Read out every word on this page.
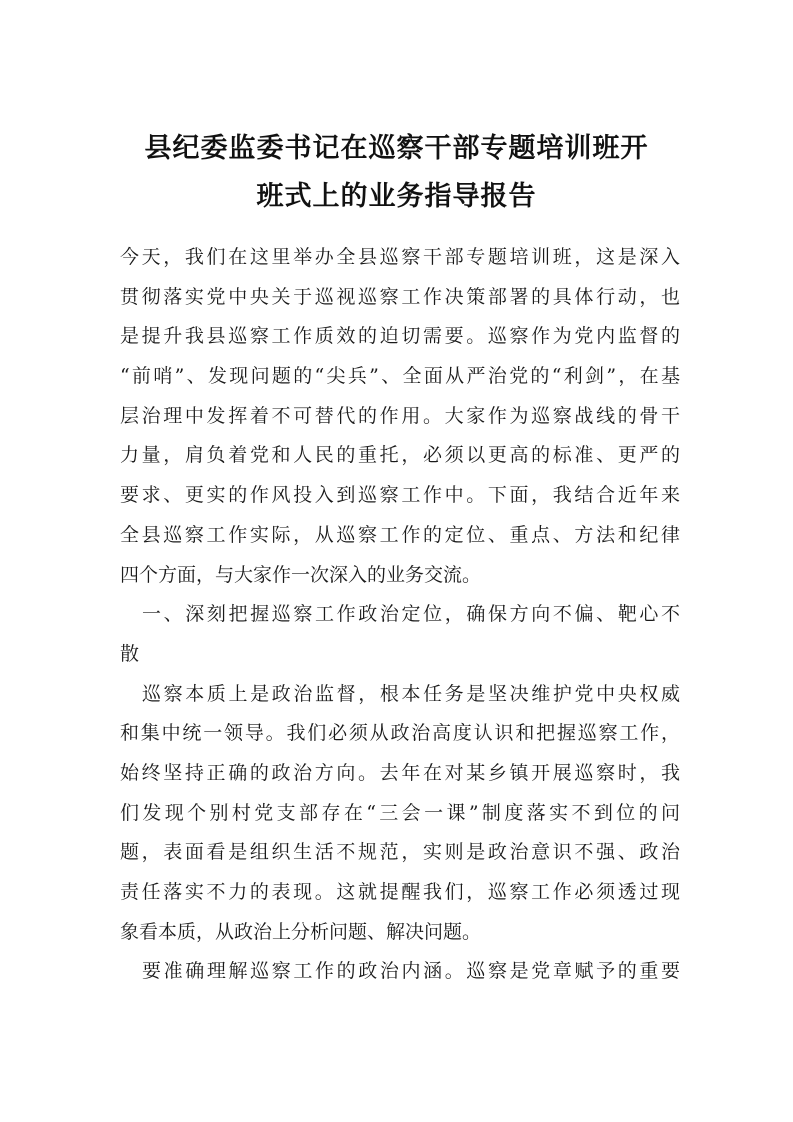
县纪委监委书记在巡察干部专题培训班开
班式上的业务指导报告
今天，我们在这里举办全县巡察干部专题培训班，这是深入
贯彻落实党中央关于巡视巡察工作决策部署的具体行动，也
是提升我县巡察工作质效的迫切需要。巡察作为党内监督的
“前哨”、发现问题的“尖兵”、全面从严治党的“利剑”，在基
层治理中发挥着不可替代的作用。大家作为巡察战线的骨干
力量，肩负着党和人民的重托，必须以更高的标准、更严的
要求、更实的作风投入到巡察工作中。下面，我结合近年来
全县巡察工作实际，从巡察工作的定位、重点、方法和纪律
四个方面，与大家作一次深入的业务交流。
一、深刻把握巡察工作政治定位，确保方向不偏、靶心不
散
巡察本质上是政治监督，根本任务是坚决维护党中央权威
和集中统一领导。我们必须从政治高度认识和把握巡察工作，
始终坚持正确的政治方向。去年在对某乡镇开展巡察时，我
们发现个别村党支部存在“三会一课”制度落实不到位的问
题，表面看是组织生活不规范，实则是政治意识不强、政治
责任落实不力的表现。这就提醒我们，巡察工作必须透过现
象看本质，从政治上分析问题、解决问题。
要准确理解巡察工作的政治内涵。巡察是党章赋予的重要
